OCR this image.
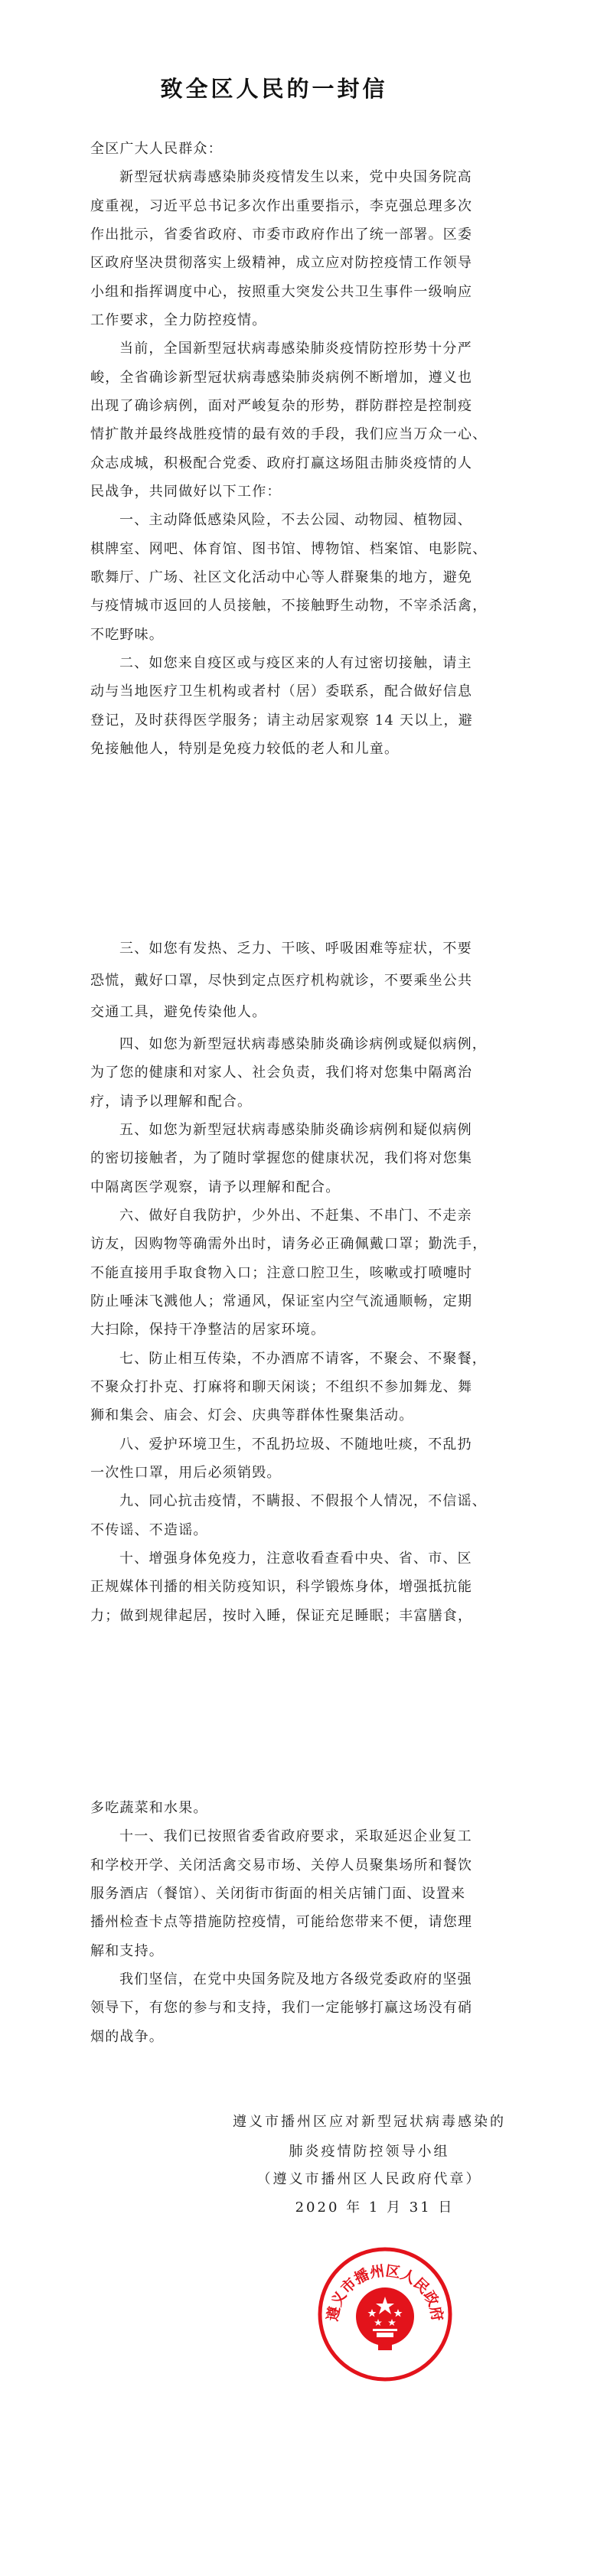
致全区人民的一封信
全区广大人民群众：
新型冠状病毒感染肺炎疫情发生以来，党中央国务院高
度重视，习近平总书记多次作出重要指示，李克强总理多次
作出批示，省委省政府、市委市政府作出了统一部署。区委
区政府坚决贯彻落实上级精神，成立应对防控疫情工作领导
小组和指挥调度中心，按照重大突发公共卫生事件一级响应
工作要求，全力防控疫情。
当前，全国新型冠状病毒感染肺炎疫情防控形势十分严
峻，全省确诊新型冠状病毒感染肺炎病例不断增加，遵义也
出现了确诊病例，面对严峻复杂的形势，群防群控是控制疫
情扩散并最终战胜疫情的最有效的手段，我们应当万众一心、
众志成城，积极配合党委、政府打赢这场阻击肺炎疫情的人
民战争，共同做好以下工作：
一、主动降低感染风险，不去公园、动物园、植物园、
棋牌室、网吧、体育馆、图书馆、博物馆、档案馆、电影院、
歌舞厅、广场、社区文化活动中心等人群聚集的地方，避免
与疫情城市返回的人员接触，不接触野生动物，不宰杀活禽，
不吃野味。
二、如您来自疫区或与疫区来的人有过密切接触，请主
动与当地医疗卫生机构或者村（居）委联系，配合做好信息
登记，及时获得医学服务；请主动居家观察 14 天以上，避
免接触他人，特别是免疫力较低的老人和儿童。
三、如您有发热、乏力、干咳、呼吸困难等症状，不要
恐慌，戴好口罩，尽快到定点医疗机构就诊，不要乘坐公共
交通工具，避免传染他人。
四、如您为新型冠状病毒感染肺炎确诊病例或疑似病例，
为了您的健康和对家人、社会负责，我们将对您集中隔离治
疗，请予以理解和配合。
五、如您为新型冠状病毒感染肺炎确诊病例和疑似病例
的密切接触者，为了随时掌握您的健康状况，我们将对您集
中隔离医学观察，请予以理解和配合。
六、做好自我防护，少外出、不赶集、不串门、不走亲
访友，因购物等确需外出时，请务必正确佩戴口罩；勤洗手，
不能直接用手取食物入口；注意口腔卫生，咳嗽或打喷嚏时
防止唾沫飞溅他人；常通风，保证室内空气流通顺畅，定期
大扫除，保持干净整洁的居家环境。
七、防止相互传染，不办酒席不请客，不聚会、不聚餐，
不聚众打扑克、打麻将和聊天闲谈；不组织不参加舞龙、舞
狮和集会、庙会、灯会、庆典等群体性聚集活动。
八、爱护环境卫生，不乱扔垃圾、不随地吐痰，不乱扔
一次性口罩，用后必须销毁。
九、同心抗击疫情，不瞒报、不假报个人情况，不信谣、
不传谣、不造谣。
十、增强身体免疫力，注意收看查看中央、省、市、区
正规媒体刊播的相关防疫知识，科学锻炼身体，增强抵抗能
力；做到规律起居，按时入睡，保证充足睡眠；丰富膳食，
多吃蔬菜和水果。
十一、我们已按照省委省政府要求，采取延迟企业复工
和学校开学、关闭活禽交易市场、关停人员聚集场所和餐饮
服务酒店（餐馆）、关闭街市街面的相关店铺门面、设置来
播州检查卡点等措施防控疫情，可能给您带来不便，请您理
解和支持。
我们坚信，在党中央国务院及地方各级党委政府的坚强
领导下，有您的参与和支持，我们一定能够打赢这场没有硝
烟的战争。
遵义市播州区应对新型冠状病毒感染的
肺炎疫情防控领导小组
（遵义市播州区人民政府代章）
2020 年 1 月 31 日
遵义市播州区人民政府
